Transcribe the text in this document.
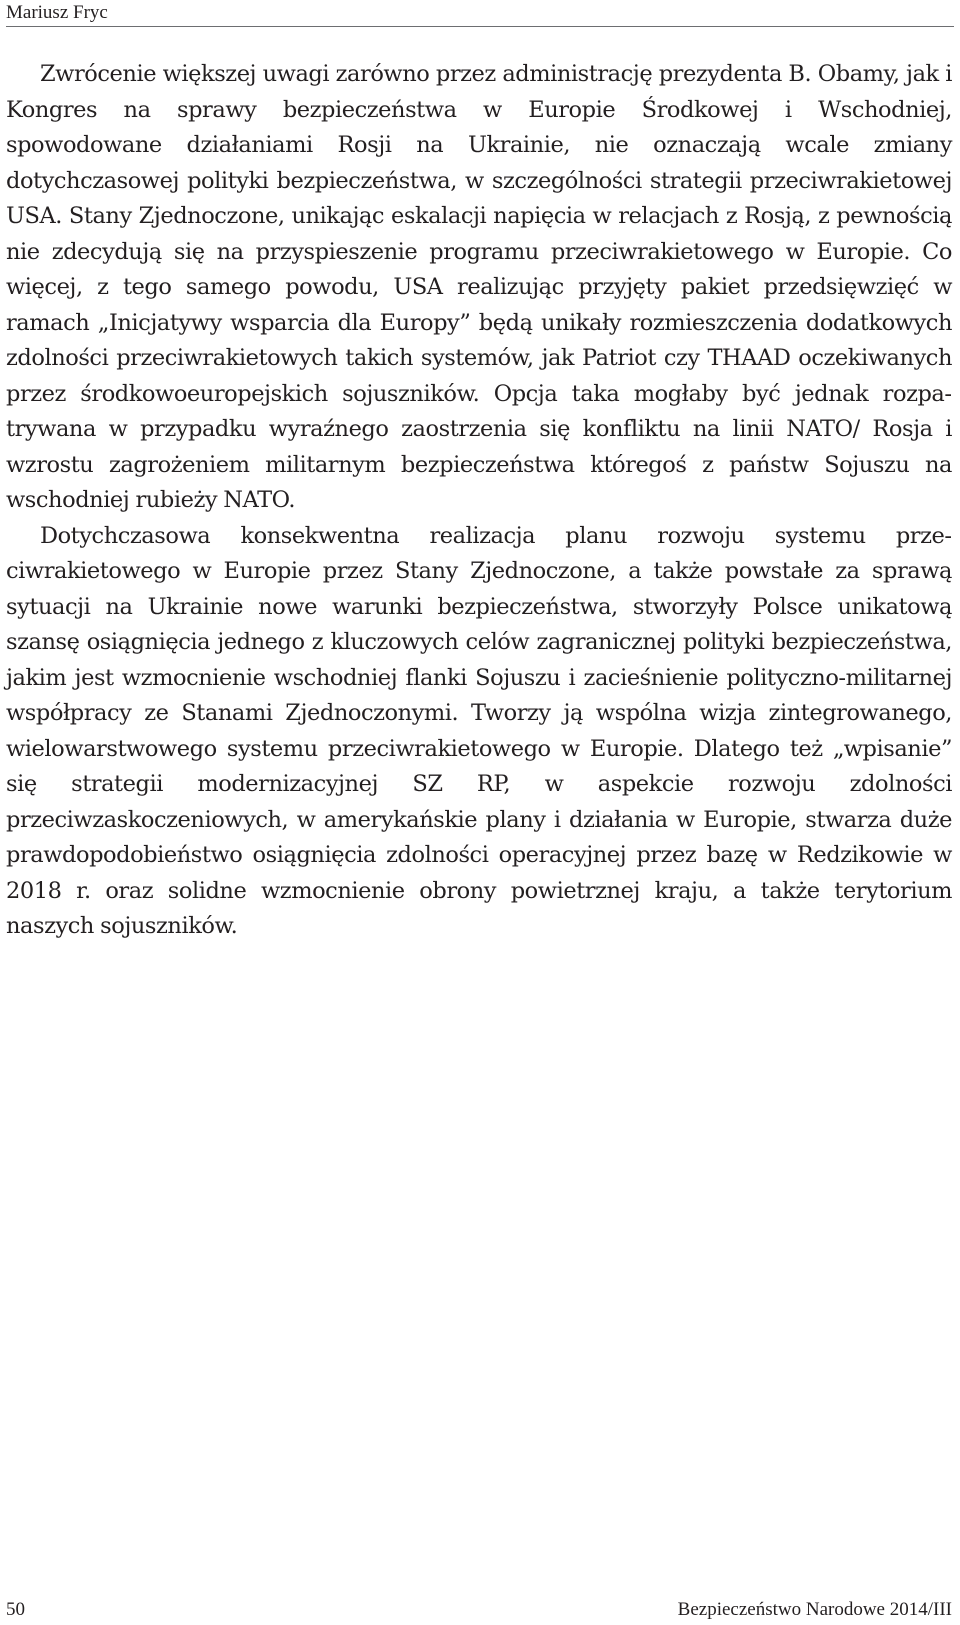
Mariusz Fryc

Zwrócenie większej uwagi zarówno przez administrację prezydenta B. Obamy, jak i Kongres na sprawy bezpieczeństwa w Europie Środkowej i Wschodniej, spowodowane działaniami Rosji na Ukrainie, nie oznaczają wcale zmiany dotychczasowej polityki bezpieczeństwa, w szczególności strategii przeciwrakietowej USA. Stany Zjednoczone, unikając eskalacji napięcia w relacjach z Rosją, z pewnością nie zdecydują się na przyspieszenie programu przeciwrakietowego w Europie. Co więcej, z tego samego powodu, USA realizując przyjęty pakiet przedsięwzięć w ramach „Inicjatywy wsparcia dla Europy” będą unikały rozmieszczenia dodatkowych zdolności przeciwrakietowych takich systemów, jak Patriot czy THAAD oczekiwanych przez środkowoeuropejskich sojuszników. Opcja taka mogłaby być jednak rozpatrywana w przypadku wyraźnego zaostrzenia się konfliktu na linii NATO/ Rosja i wzrostu zagrożeniem militarnym bezpieczeństwa któregoś z państw Sojuszu na wschodniej rubieży NATO.

Dotychczasowa konsekwentna realizacja planu rozwoju systemu przeciwrakietowego w Europie przez Stany Zjednoczone, a także powstałe za sprawą sytuacji na Ukrainie nowe warunki bezpieczeństwa, stworzyły Polsce unikatową szansę osiągnięcia jednego z kluczowych celów zagranicznej polityki bezpieczeństwa, jakim jest wzmocnienie wschodniej flanki Sojuszu i zacieśnienie polityczno-militarnej współpracy ze Stanami Zjednoczonymi. Tworzy ją wspólna wizja zintegrowanego, wielowarstwowego systemu przeciwrakietowego w Europie. Dlatego też „wpisanie” się strategii modernizacyjnej SZ RP, w aspekcie rozwoju zdolności przeciwzaskoczeniowych, w amerykańskie plany i działania w Europie, stwarza duże prawdopodobieństwo osiągnięcia zdolności operacyjnej przez bazę w Redzikowie w 2018 r. oraz solidne wzmocnienie obrony powietrznej kraju, a także terytorium naszych sojuszników.

50	Bezpieczeństwo Narodowe 2014/III
